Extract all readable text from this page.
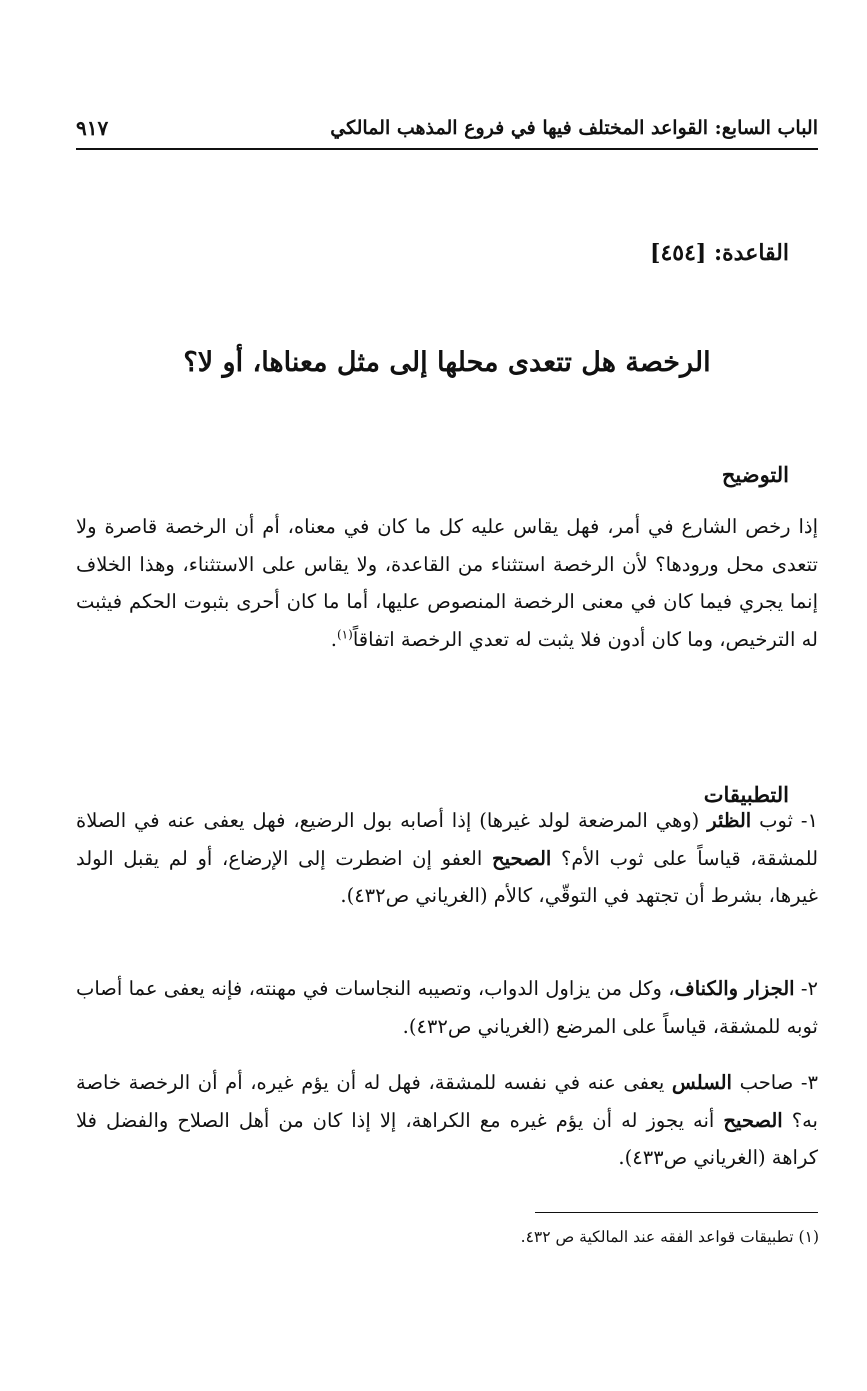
الباب السابع: القواعد المختلف فيها في فروع المذهب المالكي
٩١٧
القاعدة: [٤٥٤]
الرخصة هل تتعدى محلها إلى مثل معناها، أو لا؟
التوضيح
إذا رخص الشارع في أمر، فهل يقاس عليه كل ما كان في معناه، أم أن الرخصة قاصرة ولا تتعدى محل ورودها؟ لأن الرخصة استثناء من القاعدة، ولا يقاس على الاستثناء، وهذا الخلاف إنما يجري فيما كان في معنى الرخصة المنصوص عليها، أما ما كان أحرى بثبوت الحكم فيثبت له الترخيص، وما كان أدون فلا يثبت له تعدي الرخصة اتفاقاً$^{(١)}$.
التطبيقات
١- ثوب الظئر (وهي المرضعة لولد غيرها) إذا أصابه بول الرضيع، فهل يعفى عنه في الصلاة للمشقة، قياساً على ثوب الأم؟ الصحيح العفو إن اضطرت إلى الإرضاع، أو لم يقبل الولد غيرها، بشرط أن تجتهد في التوقّي، كالأم (الغرياني ص٤٣٢).
٢- الجزار والكناف، وكل من يزاول الدواب، وتصيبه النجاسات في مهنته، فإنه يعفى عما أصاب ثوبه للمشقة، قياساً على المرضع (الغرياني ص٤٣٢).
٣- صاحب السلس يعفى عنه في نفسه للمشقة، فهل له أن يؤم غيره، أم أن الرخصة خاصة به؟ الصحيح أنه يجوز له أن يؤم غيره مع الكراهة، إلا إذا كان من أهل الصلاح والفضل فلا كراهة (الغرياني ص٤٣٣).
(١) تطبيقات قواعد الفقه عند المالكية ص ٤٣٢.
